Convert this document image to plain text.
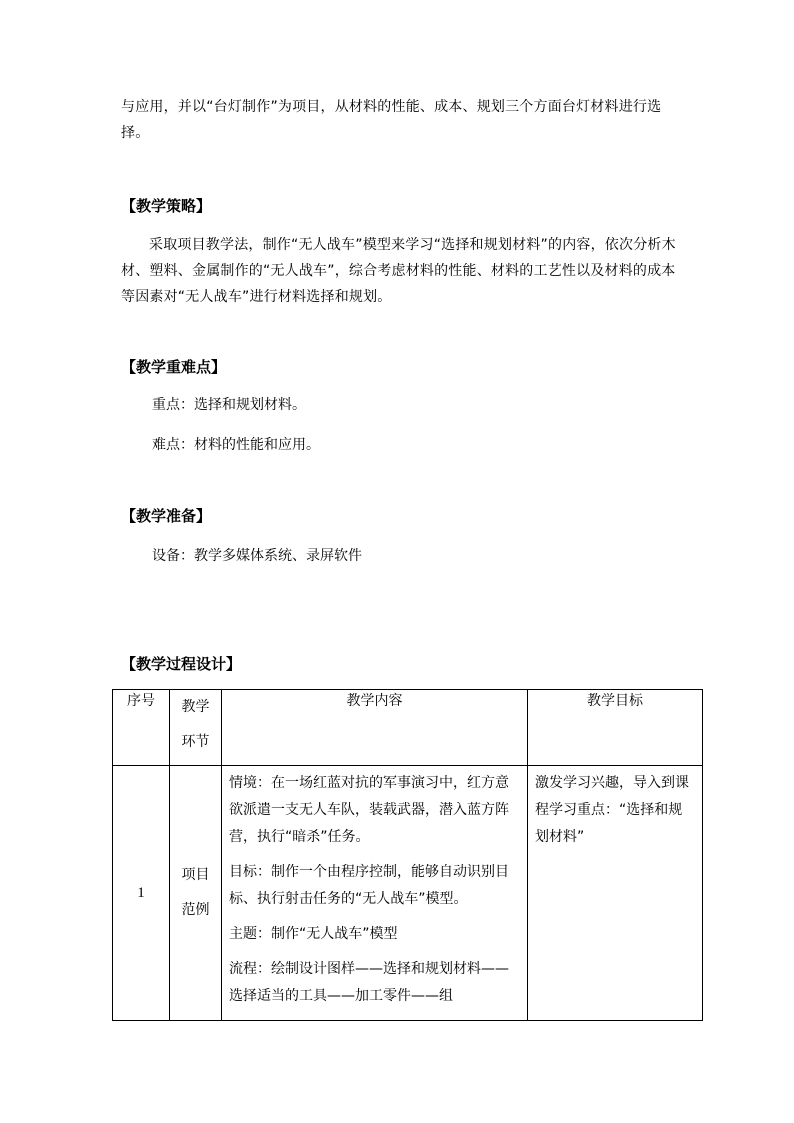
与应用，并以“台灯制作”为项目，从材料的性能、成本、规划三个方面台灯材料进行选择。
【教学策略】
采取项目教学法，制作“无人战车”模型来学习“选择和规划材料”的内容，依次分析木材、塑料、金属制作的“无人战车”，综合考虑材料的性能、材料的工艺性以及材料的成本等因素对“无人战车”进行材料选择和规划。
【教学重难点】
重点：选择和规划材料。
难点：材料的性能和应用。
【教学准备】
设备：教学多媒体系统、录屏软件
【教学过程设计】
序号	教学环节	教学内容	教学目标
1	项目范例	情境：在一场红蓝对抗的军事演习中，红方意欲派遣一支无人车队，装载武器，潜入蓝方阵营，执行“暗杀”任务。

目标：制作一个由程序控制，能够自动识别目标、执行射击任务的“无人战车”模型。

主题：制作“无人战车”模型

流程：绘制设计图样——选择和规划材料——选择适当的工具——加工零件——组	激发学习兴趣，导入到课程学习重点：“选择和规划材料”
